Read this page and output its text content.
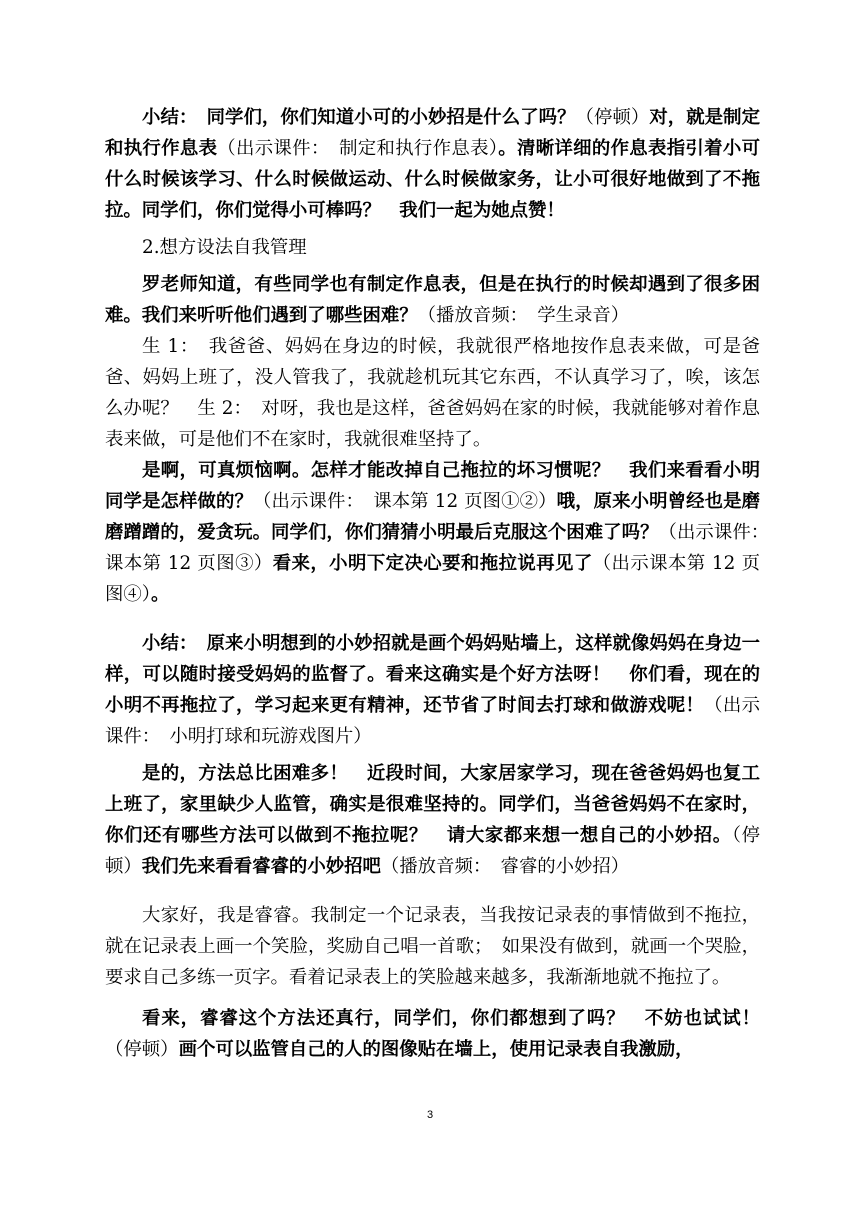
小结：　同学们，你们知道小可的小妙招是什么了吗？（停顿）对，就是制定和执行作息表（出示课件：　制定和执行作息表）。清晰详细的作息表指引着小可什么时候该学习、什么时候做运动、什么时候做家务，让小可很好地做到了不拖拉。同学们，你们觉得小可棒吗？　我们一起为她点赞！

2.想方设法自我管理

罗老师知道，有些同学也有制定作息表，但是在执行的时候却遇到了很多困难。我们来听听他们遇到了哪些困难？（播放音频：　学生录音）

生 1：　我爸爸、妈妈在身边的时候，我就很严格地按作息表来做，可是爸爸、妈妈上班了，没人管我了，我就趁机玩其它东西，不认真学习了，唉，该怎么办呢？　生 2：　对呀，我也是这样，爸爸妈妈在家的时候，我就能够对着作息表来做，可是他们不在家时，我就很难坚持了。

是啊，可真烦恼啊。怎样才能改掉自己拖拉的坏习惯呢？　我们来看看小明同学是怎样做的？（出示课件：　课本第 12 页图①②）哦，原来小明曾经也是磨磨蹭蹭的，爱贪玩。同学们，你们猜猜小明最后克服这个困难了吗？（出示课件：　课本第 12 页图③）看来，小明下定决心要和拖拉说再见了（出示课本第 12 页图④）。

小结：　原来小明想到的小妙招就是画个妈妈贴墙上，这样就像妈妈在身边一样，可以随时接受妈妈的监督了。看来这确实是个好方法呀！　你们看，现在的小明不再拖拉了，学习起来更有精神，还节省了时间去打球和做游戏呢！（出示课件：　小明打球和玩游戏图片）

是的，方法总比困难多！　近段时间，大家居家学习，现在爸爸妈妈也复工上班了，家里缺少人监管，确实是很难坚持的。同学们，当爸爸妈妈不在家时，你们还有哪些方法可以做到不拖拉呢？　请大家都来想一想自己的小妙招。（停顿）我们先来看看睿睿的小妙招吧（播放音频：　睿睿的小妙招）

大家好，我是睿睿。我制定一个记录表，当我按记录表的事情做到不拖拉，就在记录表上画一个笑脸，奖励自己唱一首歌；　如果没有做到，就画一个哭脸，要求自己多练一页字。看着记录表上的笑脸越来越多，我渐渐地就不拖拉了。

看来，睿睿这个方法还真行，同学们，你们都想到了吗？　不妨也试试！（停顿）画个可以监管自己的人的图像贴在墙上，使用记录表自我激励，

3
